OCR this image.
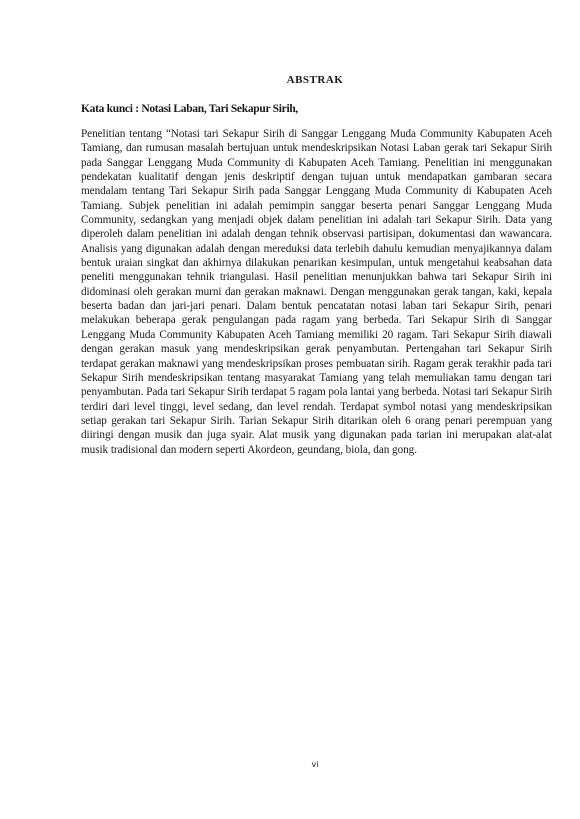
ABSTRAK
Kata kunci : Notasi Laban, Tari Sekapur Sirih,

Penelitian tentang “Notasi tari Sekapur Sirih di Sanggar Lenggang Muda Community Kabupaten Aceh Tamiang, dan rumusan masalah bertujuan untuk mendeskripsikan Notasi Laban gerak tari Sekapur Sirih pada Sanggar Lenggang Muda Community di Kabupaten Aceh Tamiang. Penelitian ini menggunakan pendekatan kualitatif dengan jenis deskriptif dengan tujuan untuk mendapatkan gambaran secara mendalam tentang Tari Sekapur Sirih pada Sanggar Lenggang Muda Community di Kabupaten Aceh Tamiang. Subjek penelitian ini adalah pemimpin sanggar beserta penari Sanggar Lenggang Muda Community, sedangkan yang menjadi objek dalam penelitian ini adalah tari Sekapur Sirih. Data yang diperoleh dalam penelitian ini adalah dengan tehnik observasi partisipan, dokumentasi dan wawancara. Analisis yang digunakan adalah dengan mereduksi data terlebih dahulu kemudian menyajikannya dalam bentuk uraian singkat dan akhirnya dilakukan penarikan kesimpulan, untuk mengetahui keabsahan data peneliti menggunakan tehnik triangulasi. Hasil penelitian menunjukkan bahwa tari Sekapur Sirih ini didominasi oleh gerakan murni dan gerakan maknawi. Dengan menggunakan gerak tangan, kaki, kepala beserta badan dan jari-jari penari. Dalam bentuk pencatatan notasi laban tari Sekapur Sirih, penari melakukan beberapa gerak pengulangan pada ragam yang berbeda. Tari Sekapur Sirih di Sanggar Lenggang Muda Community Kabupaten Aceh Tamiang memiliki 20 ragam. Tari Sekapur Sirih diawali dengan gerakan masuk yang mendeskripsikan gerak penyambutan. Pertengahan tari Sekapur Sirih terdapat gerakan maknawi yang mendeskripsikan proses pembuatan sirih. Ragam gerak terakhir pada tari Sekapur Sirih mendeskripsikan tentang masyarakat Tamiang yang telah memuliakan tamu dengan tari penyambutan. Pada tari Sekapur Sirih terdapat 5 ragam pola lantai yang berbeda. Notasi tari Sekapur Sirih terdiri dari level tinggi, level sedang, dan level rendah. Terdapat symbol notasi yang mendeskripsikan setiap gerakan tari Sekapur Sirih. Tarian Sekapur Sirih ditarikan oleh 6 orang penari perempuan yang diiringi dengan musik dan juga syair. Alat musik yang digunakan pada tarian ini merupakan alat-alat musik tradisional dan modern seperti Akordeon, geundang, biola, dan gong.

vi
